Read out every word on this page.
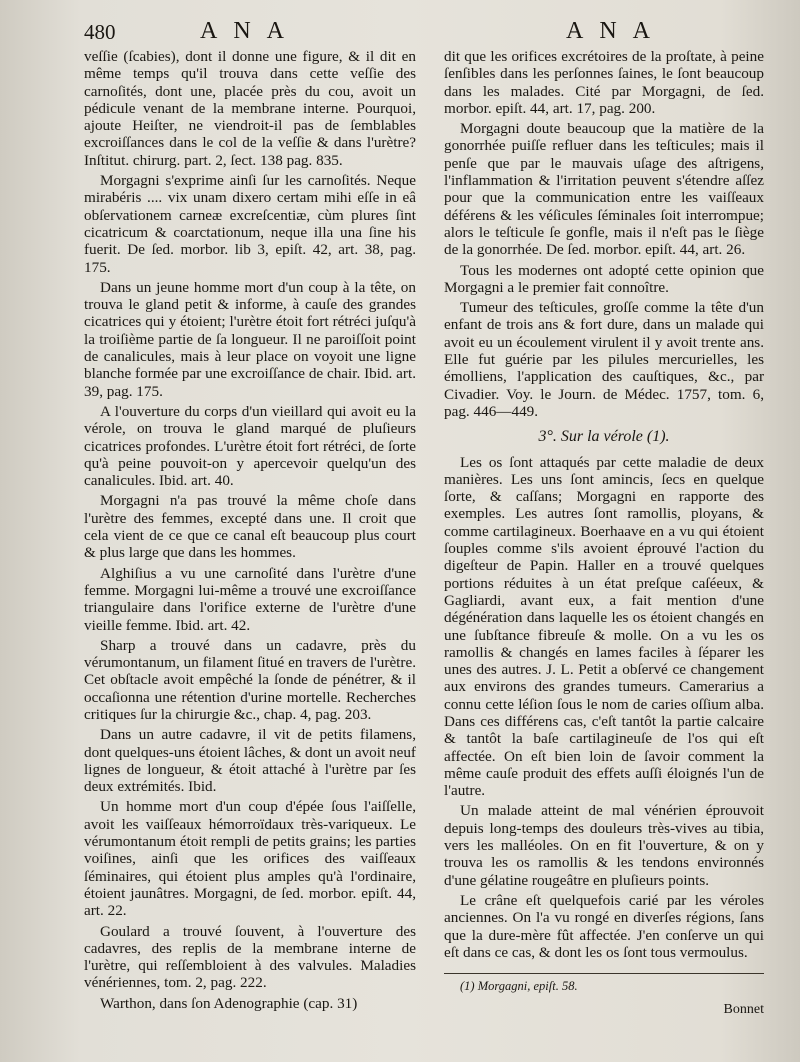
480	ANA	ANA

veſſie (ſcabies), dont il donne une figure, & il dit en même temps qu'il trouva dans cette veſſie des carnoſités, dont une, placée près du cou, avoit un pédicule venant de la membrane interne. Pourquoi, ajoute Heiſter, ne viendroit-il pas de ſemblables excroiſſances dans le col de la veſſie & dans l'urètre? Inſtitut. chirurg. part. 2, ſect. 138 pag. 835.

Morgagni s'exprime ainſi ſur les carnoſités. Neque mirabéris .... vix unam dixero certam mihi eſſe in eâ obſervationem carneæ excreſcentiæ, cùm plures ſint cicatricum & coarctationum, neque illa una ſine his fuerit. De ſed. morbor. lib 3, epiſt. 42, art. 38, pag. 175.

Dans un jeune homme mort d'un coup à la tête, on trouva le gland petit & informe, à cauſe des grandes cicatrices qui y étoient; l'urètre étoit fort rétréci juſqu'à la troiſième partie de ſa longueur. Il ne paroiſſoit point de canalicules, mais à leur place on voyoit une ligne blanche formée par une excroiſſance de chair. Ibid. art. 39, pag. 175.

A l'ouverture du corps d'un vieillard qui avoit eu la vérole, on trouva le gland marqué de pluſieurs cicatrices profondes. L'urètre étoit fort rétréci, de ſorte qu'à peine pouvoit-on y apercevoir quelqu'un des canalicules. Ibid. art. 40.

Morgagni n'a pas trouvé la même choſe dans l'urètre des femmes, excepté dans une. Il croit que cela vient de ce que ce canal eſt beaucoup plus court & plus large que dans les hommes.

Alghiſius a vu une carnoſité dans l'urètre d'une femme. Morgagni lui-même a trouvé une excroiſſance triangulaire dans l'orifice externe de l'urètre d'une vieille femme. Ibid. art. 42.

Sharp a trouvé dans un cadavre, près du vérumontanum, un filament ſitué en travers de l'urètre. Cet obſtacle avoit empêché la ſonde de pénétrer, & il occaſionna une rétention d'urine mortelle. Recherches critiques ſur la chirurgie &c., chap. 4, pag. 203.

Dans un autre cadavre, il vit de petits filamens, dont quelques-uns étoient lâches, & dont un avoit neuf lignes de longueur, & étoit attaché à l'urètre par ſes deux extrémités. Ibid.

Un homme mort d'un coup d'épée ſous l'aiſſelle, avoit les vaiſſeaux hémorroïdaux très-variqueux. Le vérumontanum étoit rempli de petits grains; les parties voiſines, ainſi que les orifices des vaiſſeaux ſéminaires, qui étoient plus amples qu'à l'ordinaire, étoient jaunâtres. Morgagni, de ſed. morbor. epiſt. 44, art. 22.

Goulard a trouvé ſouvent, à l'ouverture des cadavres, des replis de la membrane interne de l'urètre, qui reſſembloient à des valvules. Maladies vénériennes, tom. 2, pag. 222.

Warthon, dans ſon Adenographie (cap. 31)

dit que les orifices excrétoires de la proſtate, à peine ſenſibles dans les perſonnes ſaines, le ſont beaucoup dans les malades. Cité par Morgagni, de ſed. morbor. epiſt. 44, art. 17, pag. 200.

Morgagni doute beaucoup que la matière de la gonorrhée puiſſe refluer dans les teſticules; mais il penſe que par le mauvais uſage des aſtrigens, l'inflammation & l'irritation peuvent s'étendre aſſez pour que la communication entre les vaiſſeaux déférens & les véſicules ſéminales ſoit interrompue; alors le teſticule ſe gonfle, mais il n'eſt pas le ſiège de la gonorrhée. De ſed. morbor. epiſt. 44, art. 26.

Tous les modernes ont adopté cette opinion que Morgagni a le premier fait connoître.

Tumeur des teſticules, groſſe comme la tête d'un enfant de trois ans & fort dure, dans un malade qui avoit eu un écoulement virulent il y avoit trente ans. Elle fut guérie par les pilules mercurielles, les émolliens, l'application des cauſtiques, &c., par Civadier. Voy. le Journ. de Médec. 1757, tom. 6, pag. 446—449.

3°. Sur la vérole (1).

Les os ſont attaqués par cette maladie de deux manières. Les uns ſont amincis, ſecs en quelque ſorte, & caſſans; Morgagni en rapporte des exemples. Les autres ſont ramollis, ployans, & comme cartilagineux. Boerhaave en a vu qui étoient ſouples comme s'ils avoient éprouvé l'action du digeſteur de Papin. Haller en a trouvé quelques portions réduites à un état preſque caſéeux, & Gagliardi, avant eux, a fait mention d'une dégénération dans laquelle les os étoient changés en une ſubſtance fibreuſe & molle. On a vu les os ramollis & changés en lames faciles à ſéparer les unes des autres. J. L. Petit a obſervé ce changement aux environs des grandes tumeurs. Camerarius a connu cette léſion ſous le nom de caries oſſium alba. Dans ces différens cas, c'eſt tantôt la partie calcaire & tantôt la baſe cartilagineuſe de l'os qui eſt affectée. On eſt bien loin de ſavoir comment la même cauſe produit des effets auſſi éloignés l'un de l'autre.

Un malade atteint de mal vénérien éprouvoit depuis long-temps des douleurs très-vives au tibia, vers les malléoles. On en fit l'ouverture, & on y trouva les os ramollis & les tendons environnés d'une gélatine rougeâtre en pluſieurs points.

Le crâne eſt quelquefois carié par les véroles anciennes. On l'a vu rongé en diverſes régions, ſans que la dure-mère fût affectée. J'en conſerve un qui eſt dans ce cas, & dont les os ſont tous vermoulus.

(1) Morgagni, epiſt. 58.

Bonnet
